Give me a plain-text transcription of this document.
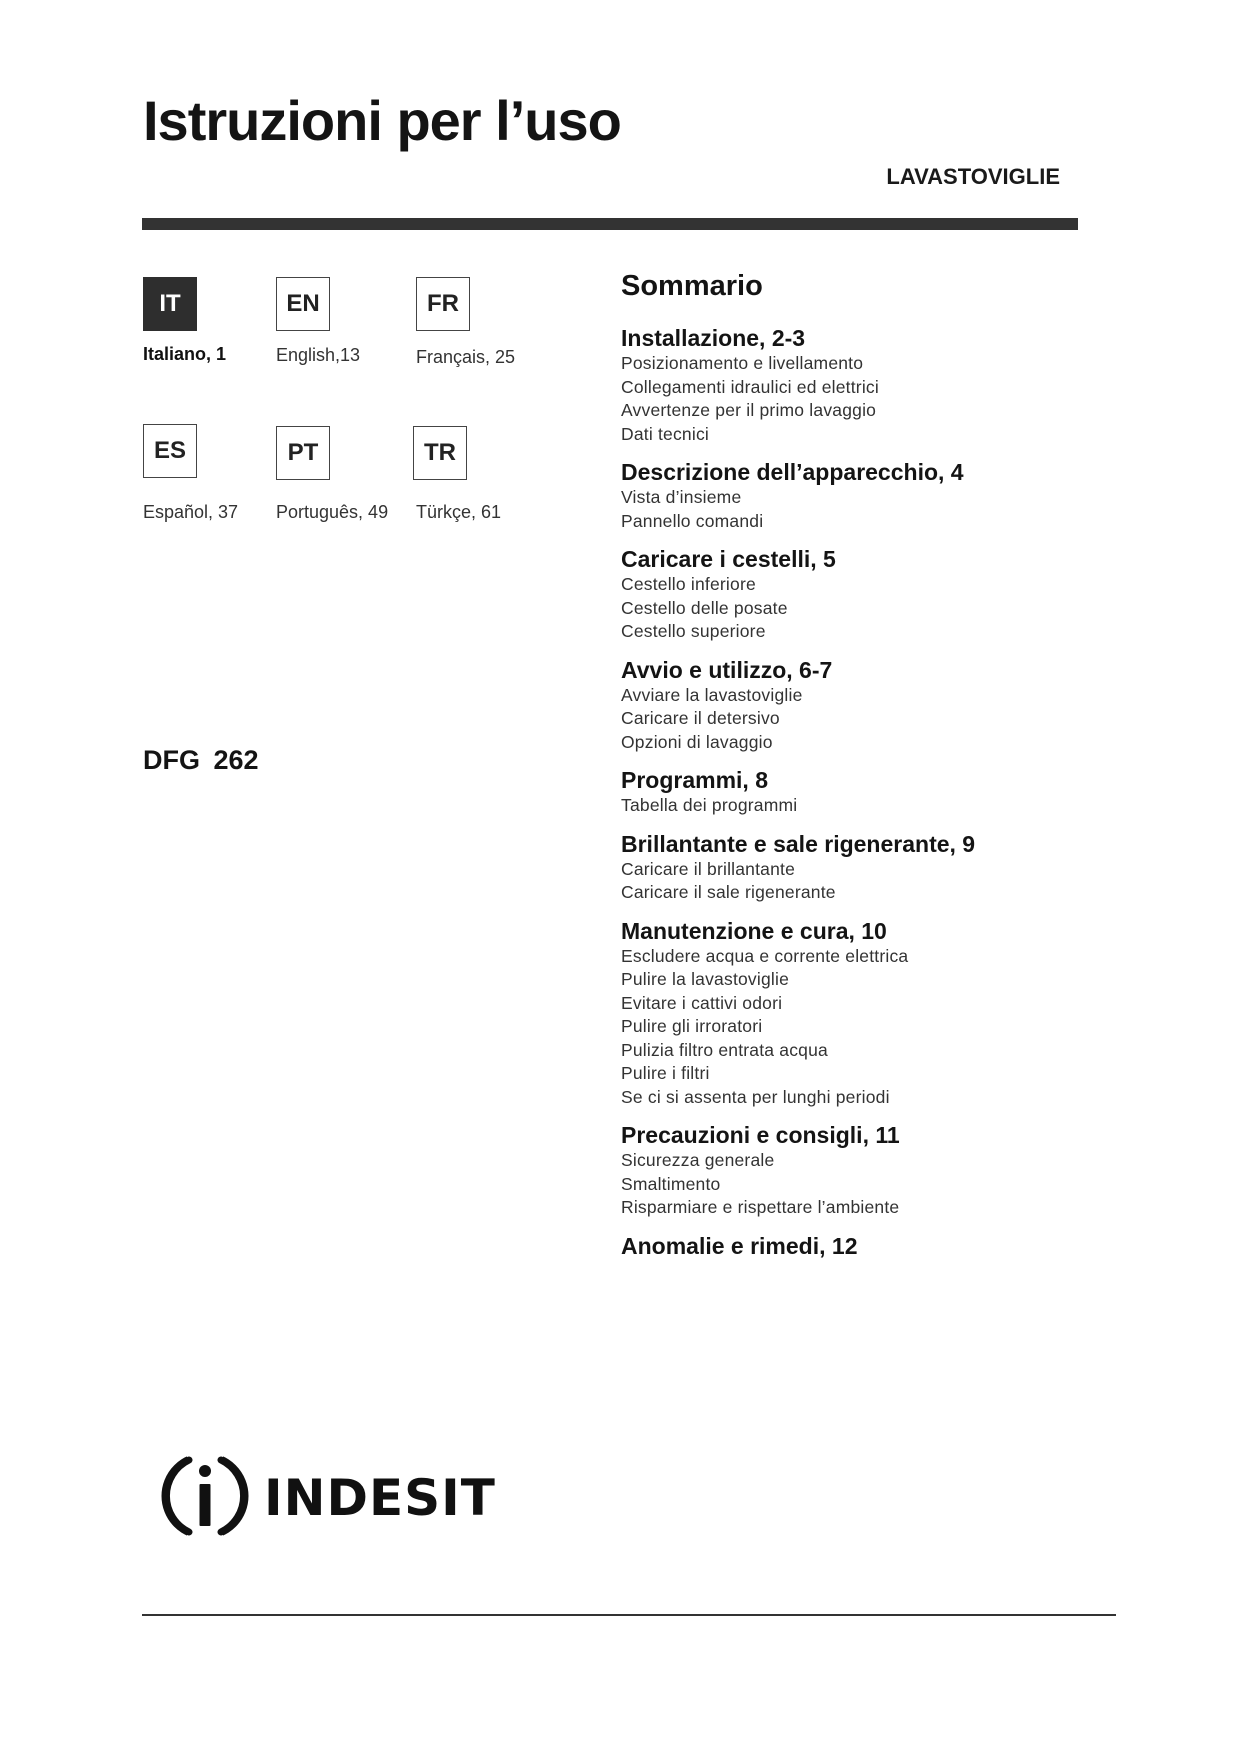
Istruzioni per l’uso
LAVASTOVIGLIE
IT	EN	FR
Italiano, 1	English,13	Français, 25
ES	PT	TR
Español, 37 Português, 49 Türkçe, 61
DFG 262
Sommario
Installazione, 2-3
Posizionamento e livellamento
Collegamenti idraulici ed elettrici
Avvertenze per il primo lavaggio
Dati tecnici
Descrizione dell’apparecchio, 4
Vista d’insieme
Pannello comandi
Caricare i cestelli, 5
Cestello inferiore
Cestello delle posate
Cestello superiore
Avvio e utilizzo, 6-7
Avviare la lavastoviglie
Caricare il detersivo
Opzioni di lavaggio
Programmi, 8
Tabella dei programmi
Brillantante e sale rigenerante, 9
Caricare il brillantante
Caricare il sale rigenerante
Manutenzione e cura, 10
Escludere acqua e corrente elettrica
Pulire la lavastoviglie
Evitare i cattivi odori
Pulire gli irroratori
Pulizia filtro entrata acqua
Pulire i filtri
Se ci si assenta per lunghi periodi
Precauzioni e consigli, 11
Sicurezza generale
Smaltimento
Risparmiare e rispettare l’ambiente
Anomalie e rimedi, 12
INDESIT
